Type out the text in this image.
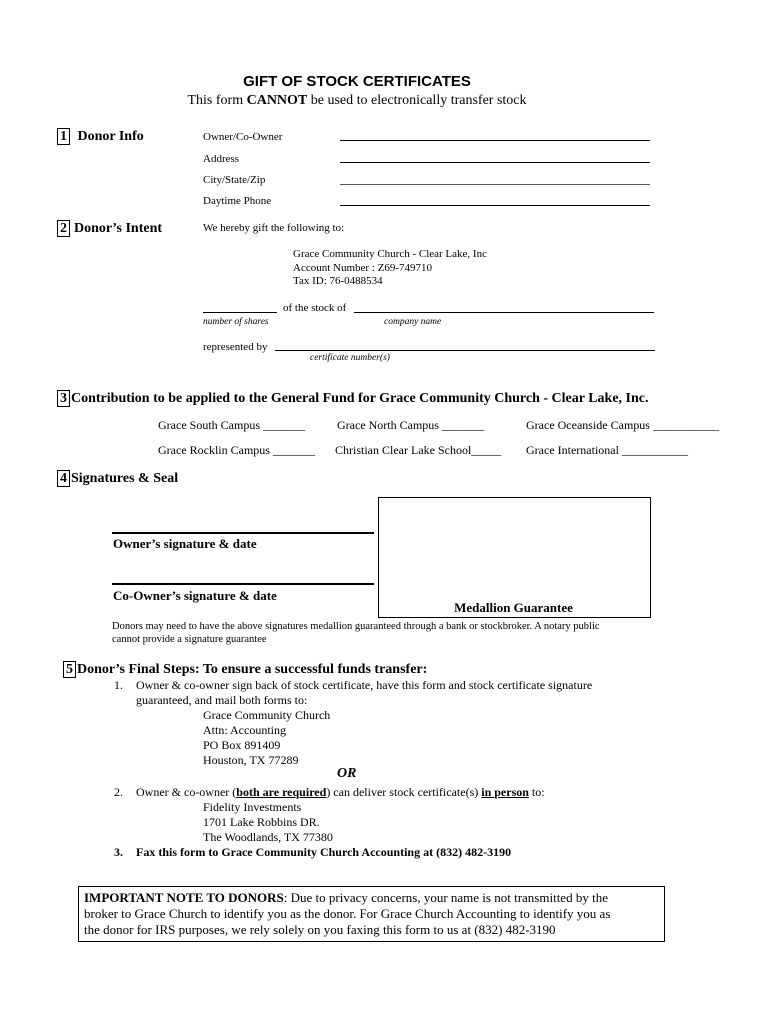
GIFT OF STOCK CERTIFICATES
This form CANNOT be used to electronically transfer stock
1 Donor Info	Owner/Co-Owner
Address
City/State/Zip
Daytime Phone
2 Donor’s Intent	We hereby gift the following to:
Grace Community Church - Clear Lake, Inc
Account Number : Z69-749710
Tax ID: 76-0488534
of the stock of
number of shares	company name
represented by
certificate number(s)
3 Contribution to be applied to the General Fund for Grace Community Church - Clear Lake, Inc.
Grace South Campus _______	Grace North Campus _______	Grace Oceanside Campus ___________
Grace Rocklin Campus _______ Christian Clear Lake School_____ Grace International ___________
4 Signatures & Seal
Owner’s signature & date
Co-Owner’s signature & date
Medallion Guarantee
Donors may need to have the above signatures medallion guaranteed through a bank or stockbroker. A notary public
cannot provide a signature guarantee
5 Donor’s Final Steps: To ensure a successful funds transfer:
1. Owner & co-owner sign back of stock certificate, have this form and stock certificate signature
guaranteed, and mail both forms to:
Grace Community Church
Attn: Accounting
PO Box 891409
Houston, TX 77289
OR
2. Owner & co-owner (both are required) can deliver stock certificate(s) in person to:
Fidelity Investments
1701 Lake Robbins DR.
The Woodlands, TX 77380
3. Fax this form to Grace Community Church Accounting at (832) 482-3190
IMPORTANT NOTE TO DONORS: Due to privacy concerns, your name is not transmitted by the
broker to Grace Church to identify you as the donor. For Grace Church Accounting to identify you as
the donor for IRS purposes, we rely solely on you faxing this form to us at (832) 482-3190
